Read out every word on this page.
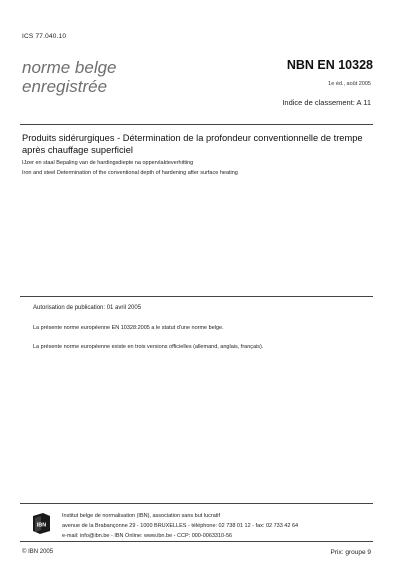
ICS 77.040.10
norme belge
enregistrée
NBN EN 10328
1e éd., août 2005
Indice de classement: A 11
Produits sidérurgiques - Détermination de la profondeur conventionnelle de trempe après chauffage superficiel
IJzer en staal Bepaling van de hardingsdiepte na oppervlakteverhitting
Iron and steel Determination of the conventional depth of hardening after surface heating
Autorisation de publication: 01 avril 2005
La présente norme européenne EN 10328:2005 a le statut d'une norme belge.
La présente norme européenne existe en trois versions officielles (allemand, anglais, français).
IBN
Institut belge de normalisation (IBN), association sans but lucratif
avenue de la Brabançonne 29 - 1000 BRUXELLES - téléphone: 02 738 01 12 - fax: 02 733 42 64
e-mail: info@ibn.be - IBN Online: www.ibn.be - CCP: 000-0063310-56
© IBN 2005	Prix: groupe 9
